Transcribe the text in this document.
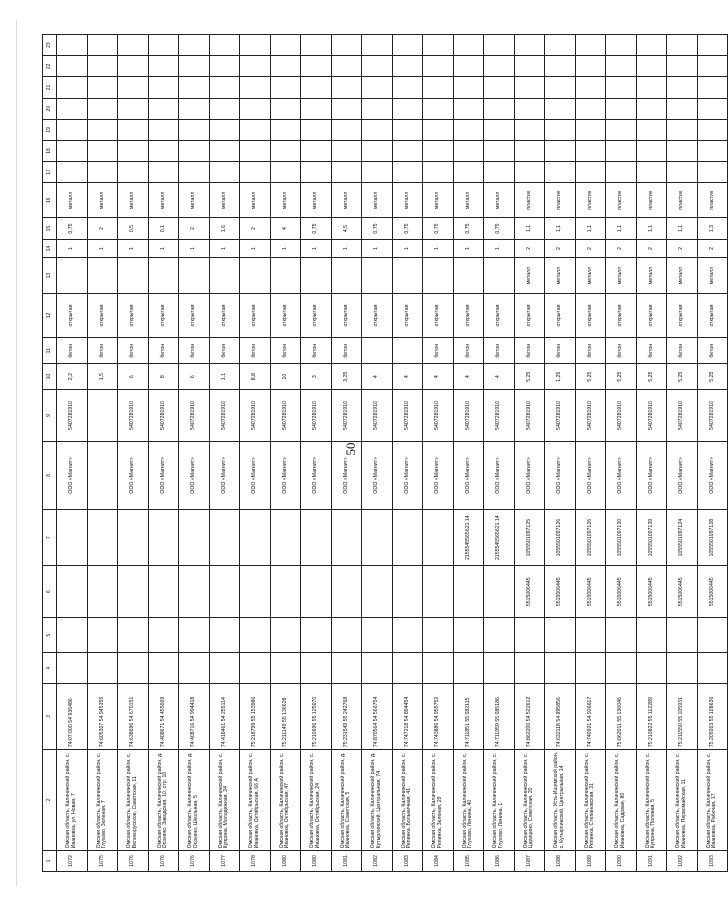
50
1	2	3	4	5	6	7	8	9	10	11	12	13	14	15	16	17	18	19	20	21	22	23
1072	Омская область, Калачинский район, с. Ивановка, ул. Новая, 7	74:07:000 54 936486					ООО «Магнит»	5407281910	2,2	бетон	открытая		1	0,75	металл							
1075	Омская область, Калачинский район, с. Глухово, Зеленая, 7	74:605307 54 945355							1,5	бетон	открытая		1	2	металл							
1076	Омская область, Калачинский район, с. Великорусское, Советская, 11	74:638696 54 670151					ООО «Магнит»	5407281910	6	бетон	открытая		1	0,5	металл							
1076	Омская область, Калачинский район, д. Осокино, Заводская, 10, стр. 10	74:408671 54 455069					ООО «Магнит»	5407281910	8	бетон	открытая		1	0,1	металл							
1076	Омская область, Калачинский район, д. Осокино, Школьная, 5	74:408716 54 994418					ООО «Магнит»	5407281910	6	бетон	открытая		1	2	металл							
1077	Омская область, Калачинский район, с. Куприна, Молодежная, 24	74:418461 54 255114					ООО «Магнит»	5407281910	1,1	бетон	открытая		1	1,6	металл							
1078	Омская область, Калачинский район, с. Ивановка, Октябрьская, 66 А	75:218799 55 153986					ООО «Магнит»	5407281910	8,8	бетон	открытая		1	2	металл							
1080	Омская область, Калачинский район, с. Ивановка, Октябрьская, 47	75:211149 55 136628					ООО «Магнит»	5407281910	10	бетон	открытая		1	4	металл							
1080	Омская область, Калачинский район, с. Ивановка, Октябрьская, 24	75:210696 55 125070					ООО «Магнит»	5407281910	3	бетон	открытая		1	0,75	металл							
1081	Омская область, Калачинский район, д. Ивановка, Советская, 5	75:231549 55 242768					ООО «Магнит»	5407281910	3,25	бетон	открытая		1	4,5	металл							
1082	Омская область, Калачинский район, д. Кутырлинский, Центральная, 74	74:870564 54 566754					ООО «Магнит»	5407281910	4		открытая		1	0,75	металл							
1083	Омская область, Калачинский район, с. Репинка, Больничная, 41	74:747218 54 894454					ООО «Магнит»	5407281910	4		открытая		1	0,75	металл							
1084	Омская область, Калачинский район, с. Репинка, Зеленая, 29	74:743886 54 955752					ООО «Магнит»	5407281910	4	бетон	открытая		1	0,75	металл							
1085	Омская область, Калачинский район, с. Глухово, Ленина, 40	74:711851 55 082115				2155545565621 14	ООО «Магнит»	5407281910	4	бетон	открытая		1	0,75	металл							
1086	Омская область, Калачинский район, с. Глухово, Ленина, 1	74:711959 55 085186				2155545565621 14	ООО «Магнит»	5407281910	4	бетон	открытая		1	0,75	металл							
1087	Омская область, Калачинский район, с. Царицино, Советская, 20	74:862200 54 522612			5515006445	1055501097125	ООО «Магнит»	5407281910	5,25	бетон	открытая	металл	2	1,1	пластик							
1088	Омская область, Усть-Ишимский район, с. Кутырлинский, Центральная, 14	74:632118 54 995856			5515006445	1055501097126	ООО «Магнит»	5407281910	1,25	бетон	открытая	металл	2	1,1	пластик							
1089	Омская область, Калачинский район, с. Репинка, Степановская, 31	74:740921 54 926617			5515006445	1055501097126	ООО «Магнит»	5407281910	5,25	бетон	открытая	металл	2	1,1	пластик							
1090	Омская область, Калачинский район, с. Ивановка, Садовая, 80	75:062011 55 136046			5515006445	1055501097130	ООО «Магнит»	5407281910	5,25	бетон	открытая	металл	2	1,1	пластик							
1091	Омская область, Калачинский район, с. Куприна, Полевая, 5	75:210822 55 112289			5515006445	1055501097139	ООО «Магнит»	5407281910	5,25	бетон	открытая	металл	2	1,1	пластик							
1092	Омская область, Калачинский район, с. Ивановка, Первомайская, 11	75:211550 55 105931			5515006445	1055501097124	ООО «Магнит»	5407281910	5,25	бетон	открытая	металл	2	1,1	пластик							
1093	Омская область, Калачинский район, с. Ивановка, Рабочая, 17	75:209263 55 108636			5515006445	1055501097128	ООО «Магнит»	5407281910	5,25	бетон	открытая	металл	2	1,3	пластик							
